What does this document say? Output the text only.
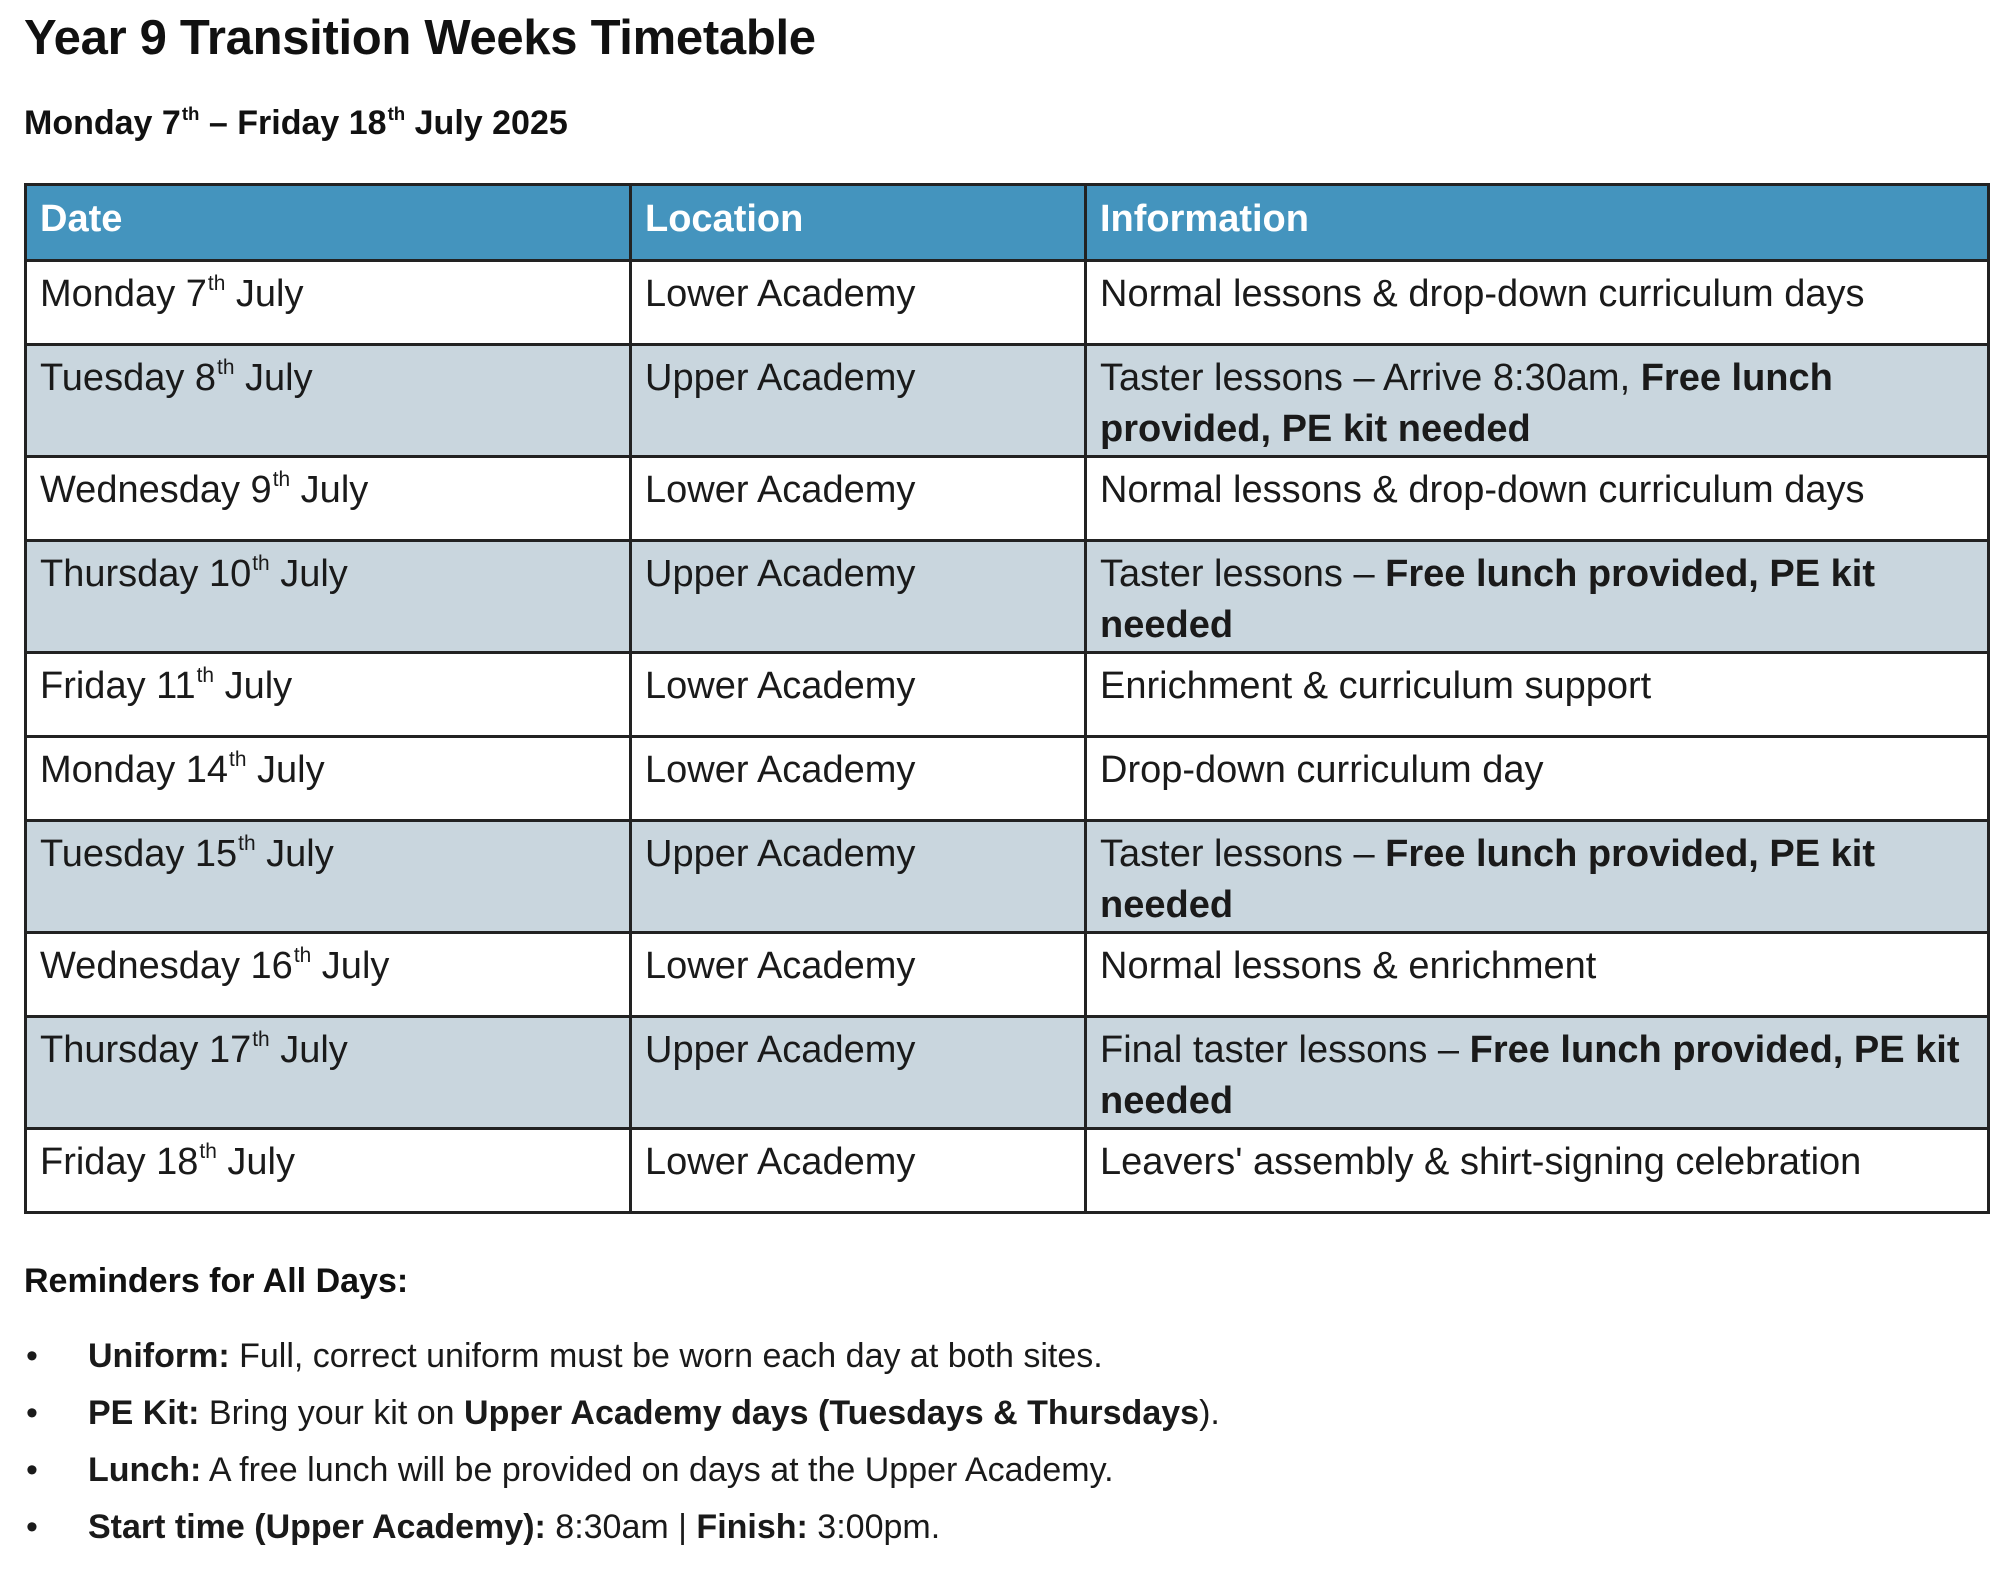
Year 9 Transition Weeks Timetable

Monday 7th – Friday 18th July 2025

Date	Location	Information
Monday 7th July	Lower Academy	Normal lessons & drop-down curriculum days
Tuesday 8th July	Upper Academy	Taster lessons – Arrive 8:30am, Free lunch provided, PE kit needed
Wednesday 9th July	Lower Academy	Normal lessons & drop-down curriculum days
Thursday 10th July	Upper Academy	Taster lessons – Free lunch provided, PE kit needed
Friday 11th July	Lower Academy	Enrichment & curriculum support
Monday 14th July	Lower Academy	Drop-down curriculum day
Tuesday 15th July	Upper Academy	Taster lessons – Free lunch provided, PE kit needed
Wednesday 16th July	Lower Academy	Normal lessons & enrichment
Thursday 17th July	Upper Academy	Final taster lessons – Free lunch provided, PE kit needed
Friday 18th July	Lower Academy	Leavers' assembly & shirt-signing celebration

Reminders for All Days:

• Uniform: Full, correct uniform must be worn each day at both sites.
• PE Kit: Bring your kit on Upper Academy days (Tuesdays & Thursdays).
• Lunch: A free lunch will be provided on days at the Upper Academy.
• Start time (Upper Academy): 8:30am | Finish: 3:00pm.
